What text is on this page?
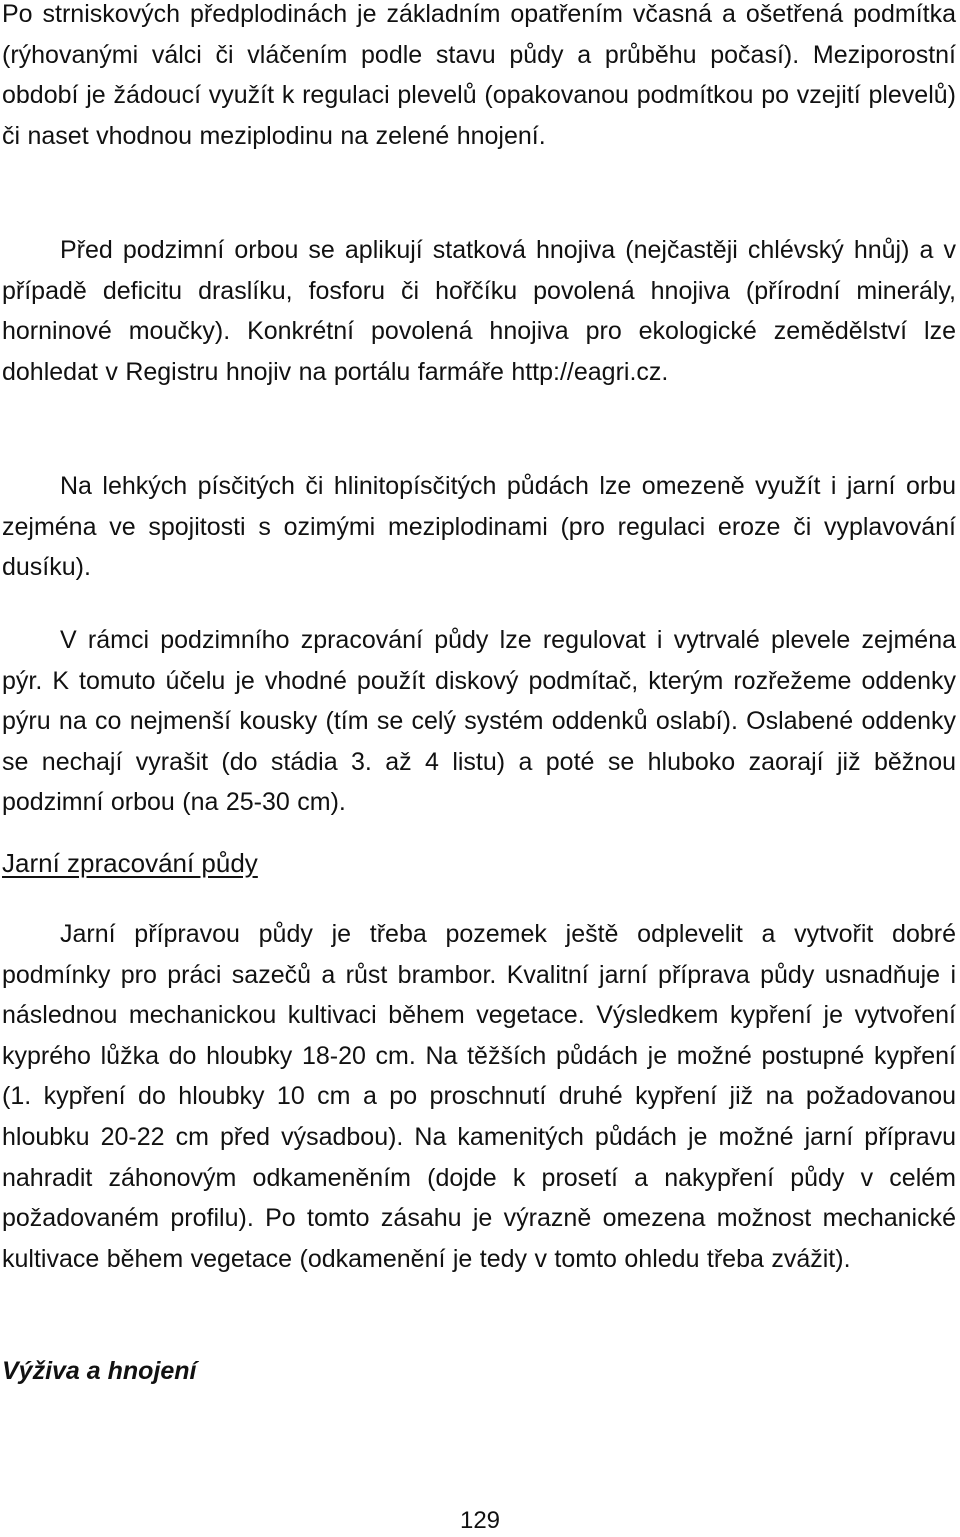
Po strniskových předplodinách je základním opatřením včasná a ošetřená podmítka (rýhovanými válci či vláčením podle stavu půdy a průběhu počasí). Meziporostní období je žádoucí využít k regulaci plevelů (opakovanou podmítkou po vzejití plevelů) či naset vhodnou meziplodinu na zelené hnojení.

Před podzimní orbou se aplikují statková hnojiva (nejčastěji chlévský hnůj) a v případě deficitu draslíku, fosforu či hořčíku povolená hnojiva (přírodní minerály, horninové moučky). Konkrétní povolená hnojiva pro ekologické zemědělství lze dohledat v Registru hnojiv na portálu farmáře http://eagri.cz.

Na lehkých písčitých či hlinitopísčitých půdách lze omezeně využít i jarní orbu zejména ve spojitosti s ozimými meziplodinami (pro regulaci eroze či vyplavování dusíku).

V rámci podzimního zpracování půdy lze regulovat i vytrvalé plevele zejména pýr. K tomuto účelu je vhodné použít diskový podmítač, kterým rozřežeme oddenky pýru na co nejmenší kousky (tím se celý systém oddenků oslabí). Oslabené oddenky se nechají vyrašit (do stádia 3. až 4 listu) a poté se hluboko zaorají již běžnou podzimní orbou (na 25-30 cm).

Jarní zpracování půdy

Jarní přípravou půdy je třeba pozemek ještě odplevelit a vytvořit dobré podmínky pro práci sazečů a růst brambor. Kvalitní jarní příprava půdy usnadňuje i následnou mechanickou kultivaci během vegetace. Výsledkem kypření je vytvoření kyprého lůžka do hloubky 18-20 cm. Na těžších půdách je možné postupné kypření (1. kypření do hloubky 10 cm a po proschnutí druhé kypření již na požadovanou hloubku 20-22 cm před výsadbou). Na kamenitých půdách je možné jarní přípravu nahradit záhonovým odkameněním (dojde k prosetí a nakypření půdy v celém požadovaném profilu). Po tomto zásahu je výrazně omezena možnost mechanické kultivace během vegetace (odkamenění je tedy v tomto ohledu třeba zvážit).

Výživa a hnojení
129
